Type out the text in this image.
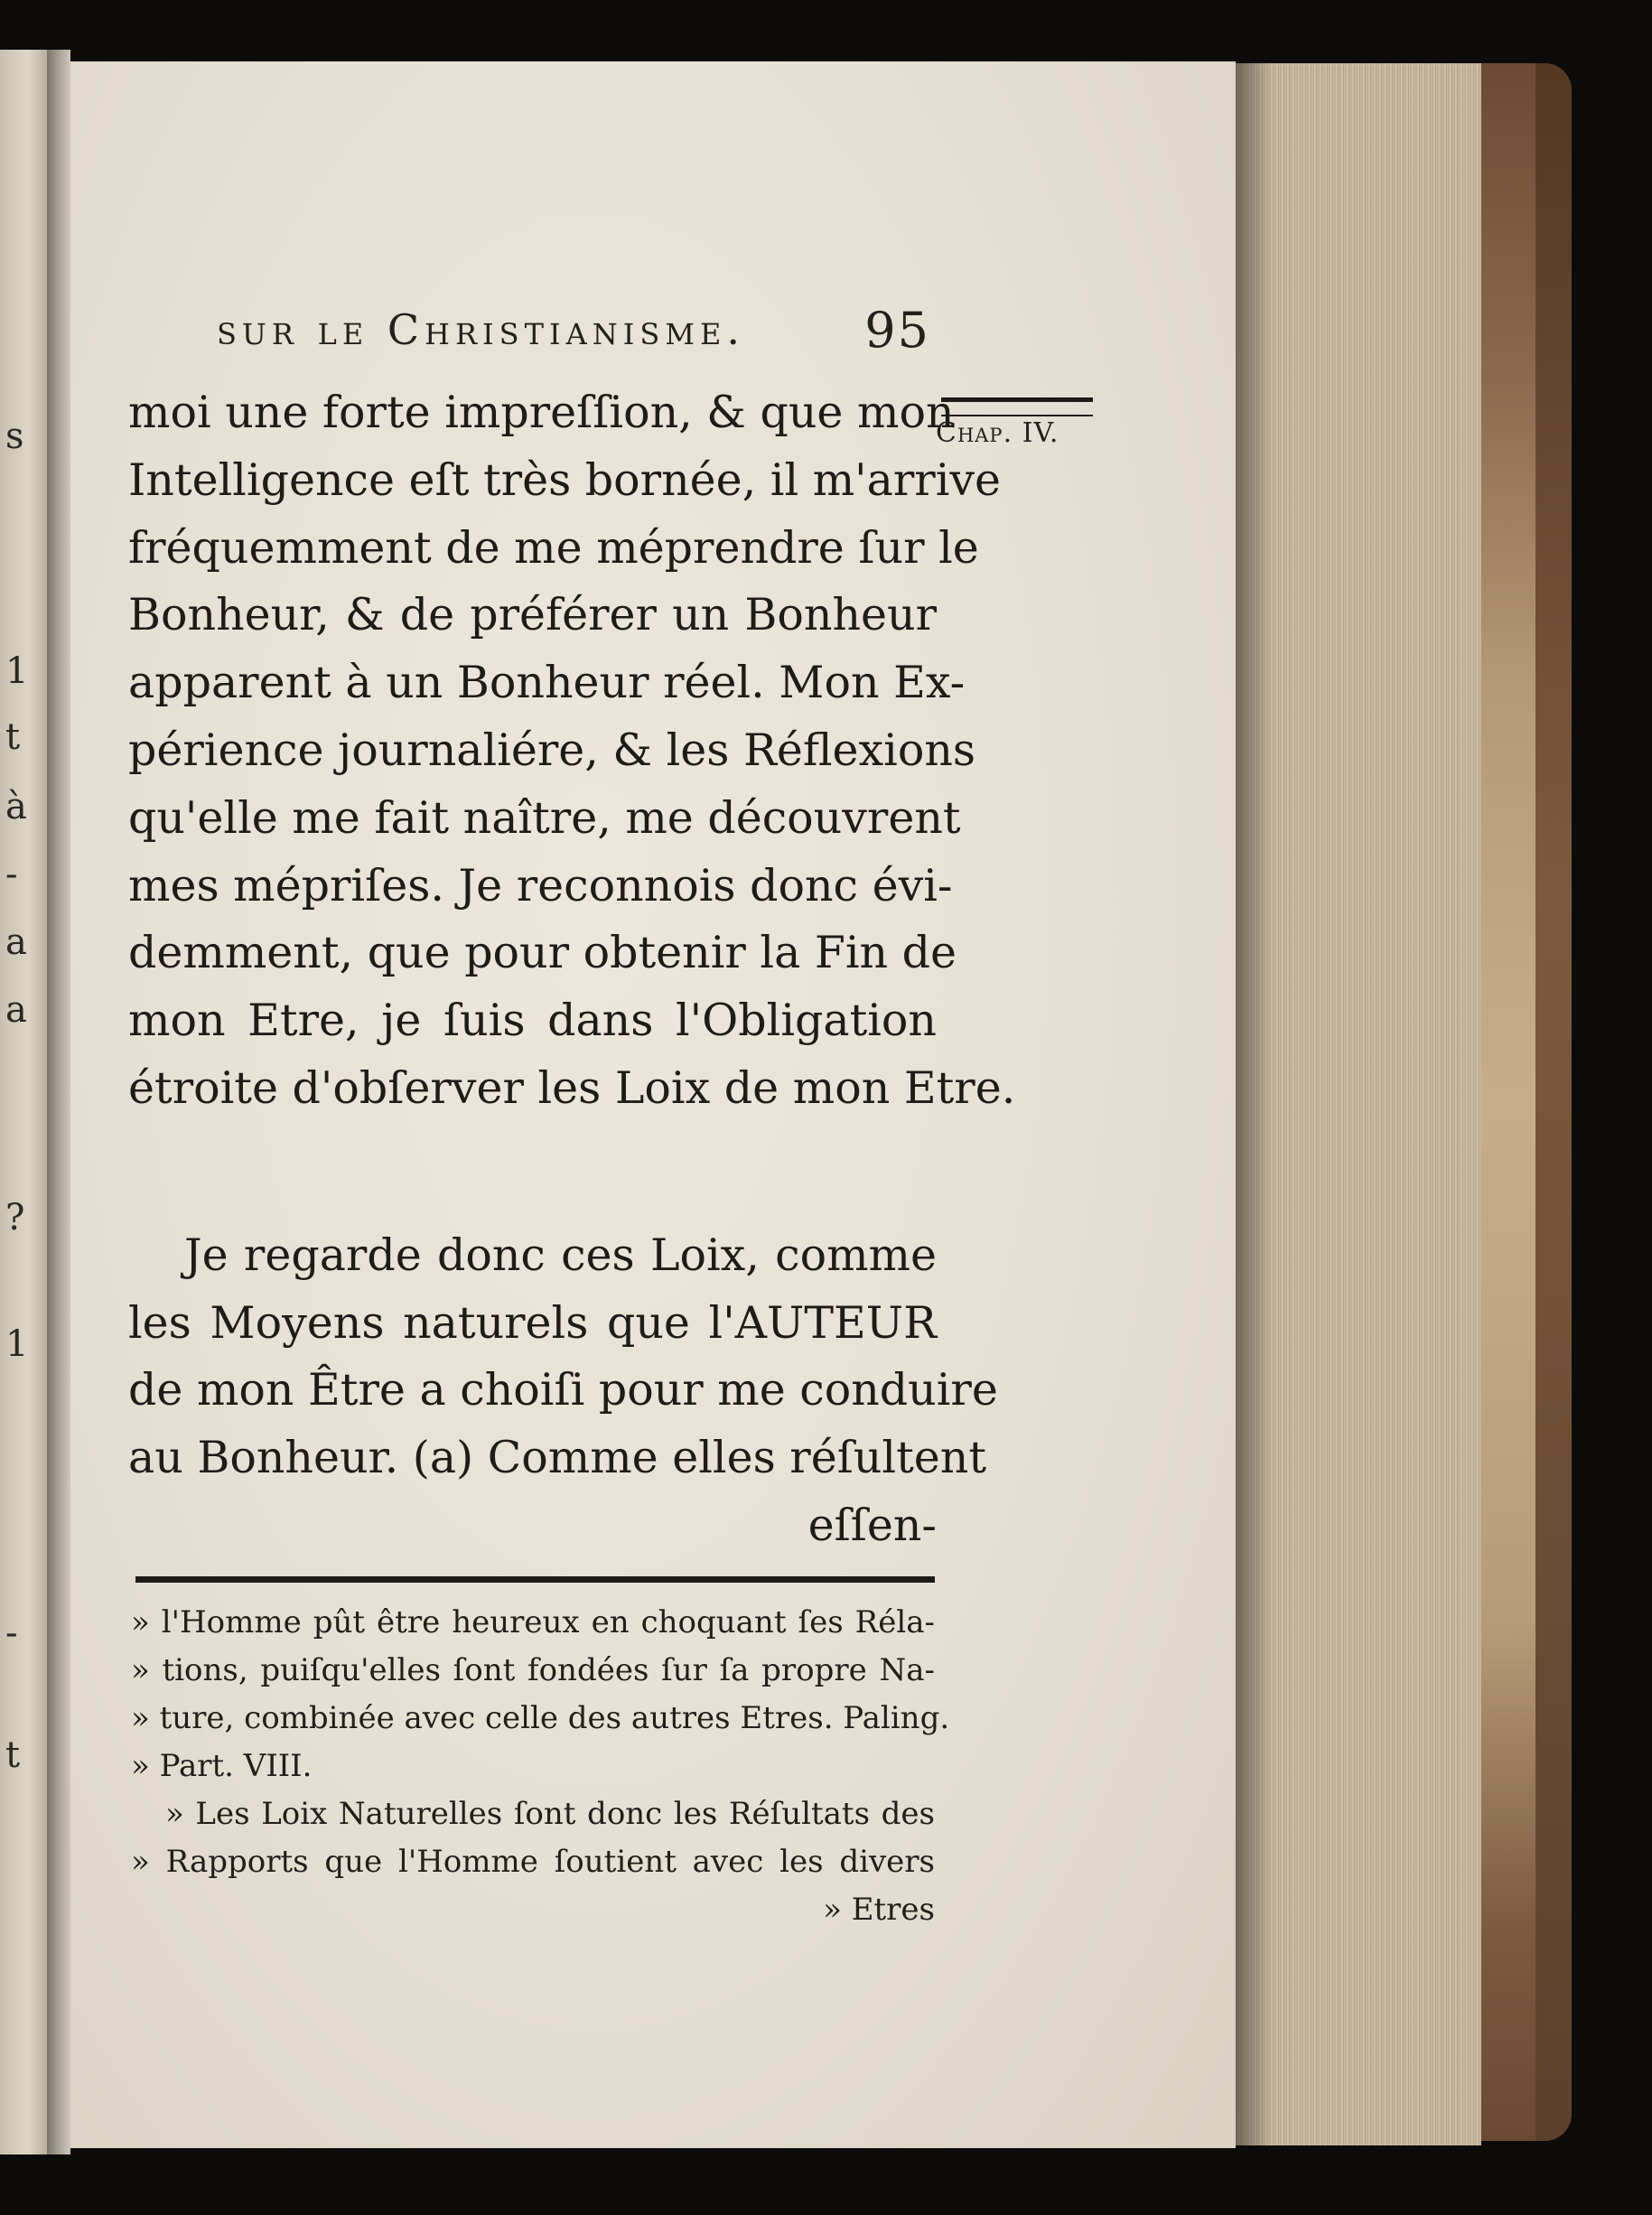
s
1
t
à
-
a
a
?
1
-
t
sur le Christianisme. 95
Chap. IV.
moi une forte impreſſion, & que mon
Intelligence eſt très bornée, il m'arrive
fréquemment de me méprendre ſur le
Bonheur, & de préférer un Bonheur
apparent à un Bonheur réel. Mon Ex-
périence journaliére, & les Réflexions
qu'elle me fait naître, me découvrent
mes mépriſes. Je reconnois donc évi-
demment, que pour obtenir la Fin de
mon Etre, je ſuis dans l'Obligation
étroite d'obſerver les Loix de mon Etre.
Je regarde donc ces Loix, comme
les Moyens naturels que l'AUTEUR
de mon Être a choiſi pour me conduire
au Bonheur. (a) Comme elles réſultent
eſſen-
» l'Homme pût être heureux en choquant ſes Réla-
» tions, puiſqu'elles ſont fondées ſur ſa propre Na-
» ture, combinée avec celle des autres Etres. Paling.
» Part. VIII.
» Les Loix Naturelles ſont donc les Réſultats des
» Rapports que l'Homme ſoutient avec les divers
» Etres
